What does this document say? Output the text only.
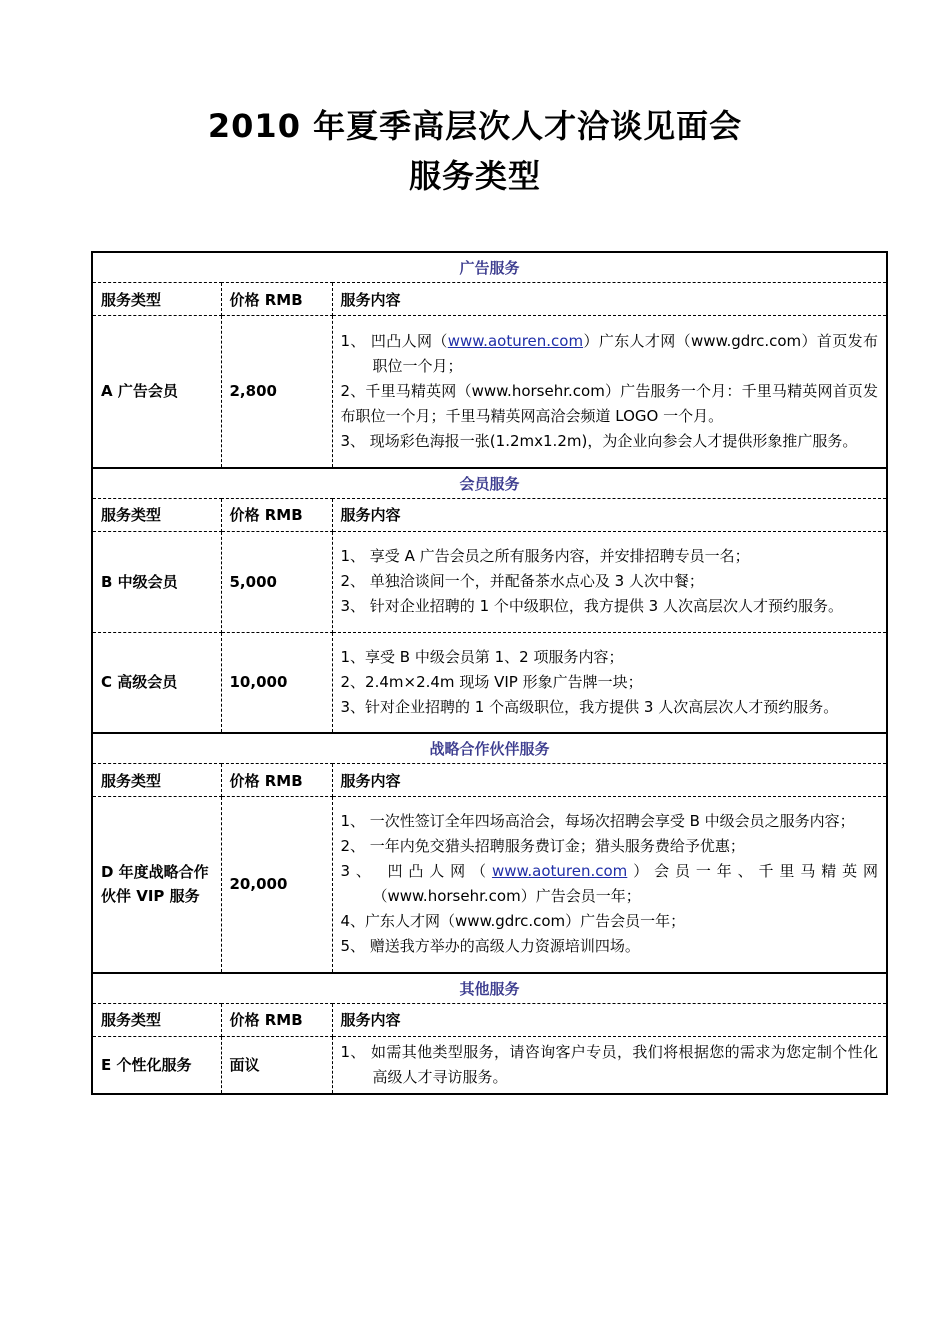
2010 年夏季高层次人才洽谈见面会
服务类型
广告服务		
服务类型	价格 RMB	服务内容
A 广告会员	2,800	1、 凹凸人网（www.aoturen.com）广东人才网（www.gdrc.com）首页发布职位一个月；
2、千里马精英网（www.horsehr.com）广告服务一个月：千里马精英网首页发布职位一个月；千里马精英网高洽会频道 LOGO 一个月。
3、 现场彩色海报一张(1.2mx1.2m)，为企业向参会人才提供形象推广服务。

会员服务		
服务类型	价格 RMB	服务内容
B 中级会员	5,000	1、 享受 A 广告会员之所有服务内容，并安排招聘专员一名；
2、 单独洽谈间一个，并配备茶水点心及 3 人次中餐；
3、 针对企业招聘的 1 个中级职位，我方提供 3 人次高层次人才预约服务。

C 高级会员	10,000	1、享受 B 中级会员第 1、2 项服务内容；
2、2.4m×2.4m 现场 VIP 形象广告牌一块；
3、针对企业招聘的 1 个高级职位，我方提供 3 人次高层次人才预约服务。

战略合作伙伴服务		
服务类型	价格 RMB	服务内容
D 年度战略合作伙伴 VIP 服务	20,000	1、 一次性签订全年四场高洽会，每场次招聘会享受 B 中级会员之服务内容；
2、 一年内免交猎头招聘服务费订金；猎头服务费给予优惠；
3、 凹凸人网（www.aoturen.com）会员一年、千里马精英网（www.horsehr.com）广告会员一年；
4、广东人才网（www.gdrc.com）广告会员一年；
5、 赠送我方举办的高级人力资源培训四场。

其他服务		
服务类型	价格 RMB	服务内容
E 个性化服务	面议	1、 如需其他类型服务，请咨询客户专员，我们将根据您的需求为您定制个性化高级人才寻访服务。
